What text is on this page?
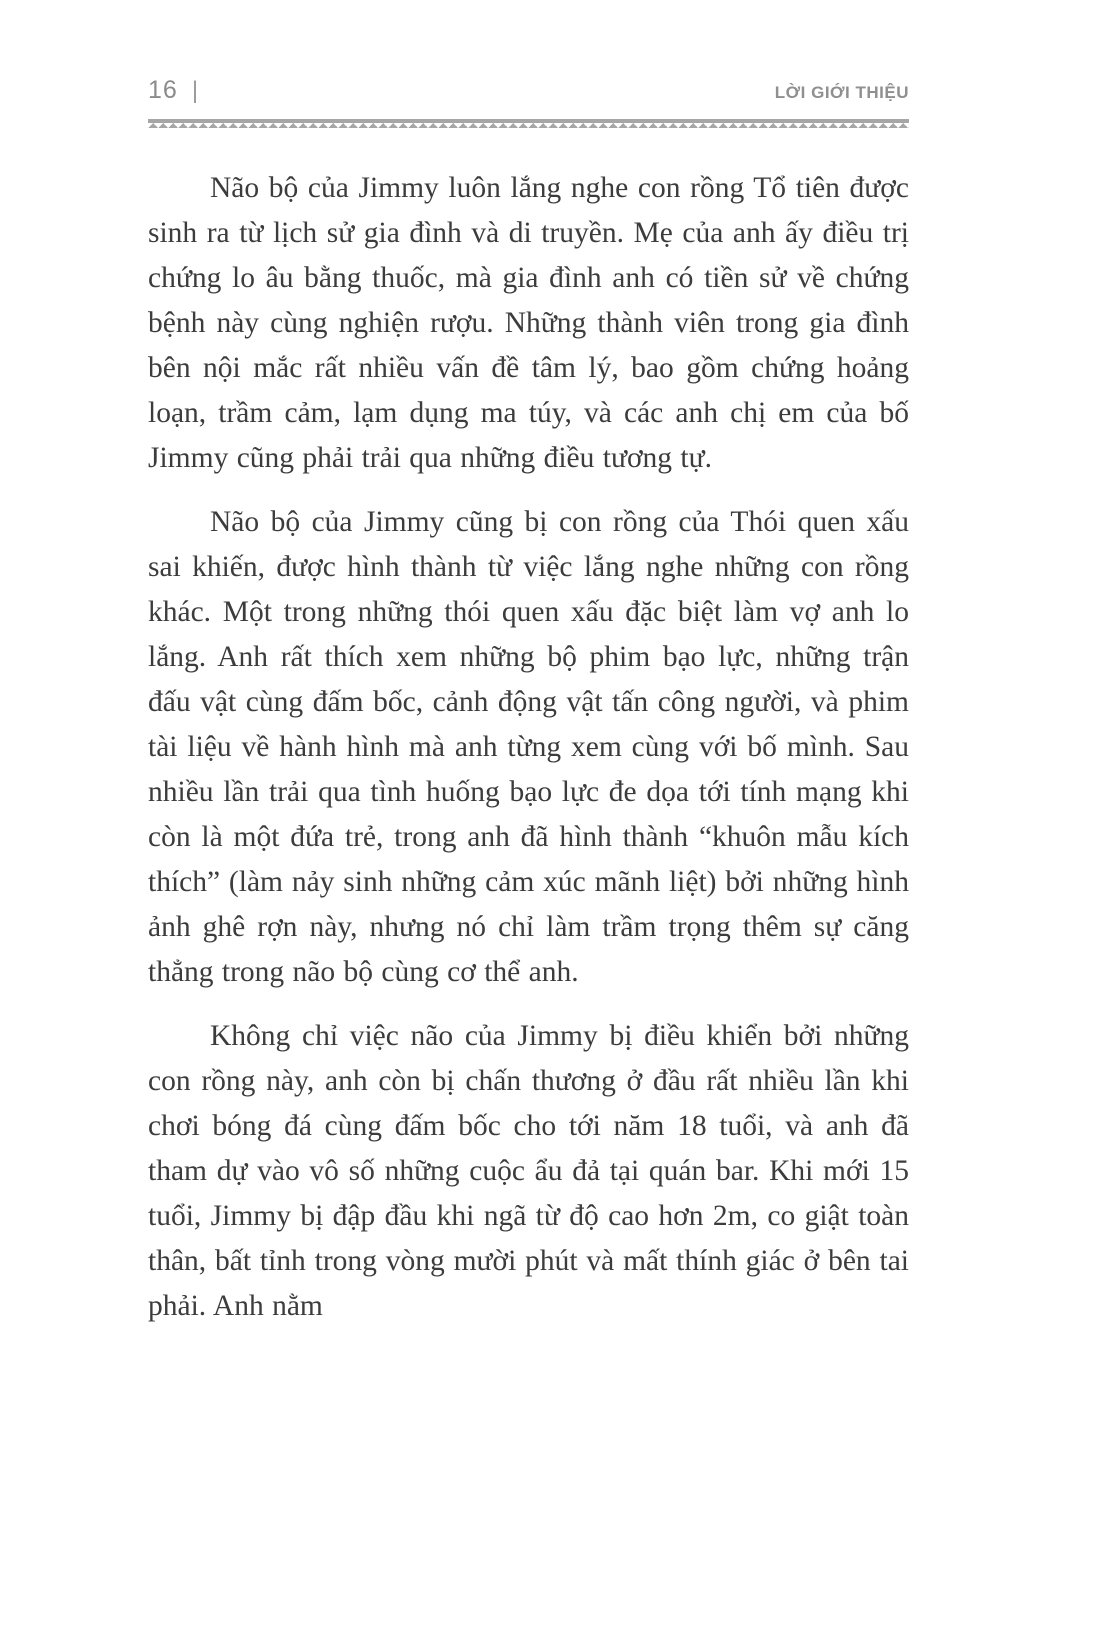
16 |	LỜI GIỚI THIỆU

Não bộ của Jimmy luôn lắng nghe con rồng Tổ tiên được sinh ra từ lịch sử gia đình và di truyền. Mẹ của anh ấy điều trị chứng lo âu bằng thuốc, mà gia đình anh có tiền sử về chứng bệnh này cùng nghiện rượu. Những thành viên trong gia đình bên nội mắc rất nhiều vấn đề tâm lý, bao gồm chứng hoảng loạn, trầm cảm, lạm dụng ma túy, và các anh chị em của bố Jimmy cũng phải trải qua những điều tương tự.

Não bộ của Jimmy cũng bị con rồng của Thói quen xấu sai khiến, được hình thành từ việc lắng nghe những con rồng khác. Một trong những thói quen xấu đặc biệt làm vợ anh lo lắng. Anh rất thích xem những bộ phim bạo lực, những trận đấu vật cùng đấm bốc, cảnh động vật tấn công người, và phim tài liệu về hành hình mà anh từng xem cùng với bố mình. Sau nhiều lần trải qua tình huống bạo lực đe dọa tới tính mạng khi còn là một đứa trẻ, trong anh đã hình thành “khuôn mẫu kích thích” (làm nảy sinh những cảm xúc mãnh liệt) bởi những hình ảnh ghê rợn này, nhưng nó chỉ làm trầm trọng thêm sự căng thẳng trong não bộ cùng cơ thể anh.

Không chỉ việc não của Jimmy bị điều khiển bởi những con rồng này, anh còn bị chấn thương ở đầu rất nhiều lần khi chơi bóng đá cùng đấm bốc cho tới năm 18 tuổi, và anh đã tham dự vào vô số những cuộc ẩu đả tại quán bar. Khi mới 15 tuổi, Jimmy bị đập đầu khi ngã từ độ cao hơn 2m, co giật toàn thân, bất tỉnh trong vòng mười phút và mất thính giác ở bên tai phải. Anh nằm
